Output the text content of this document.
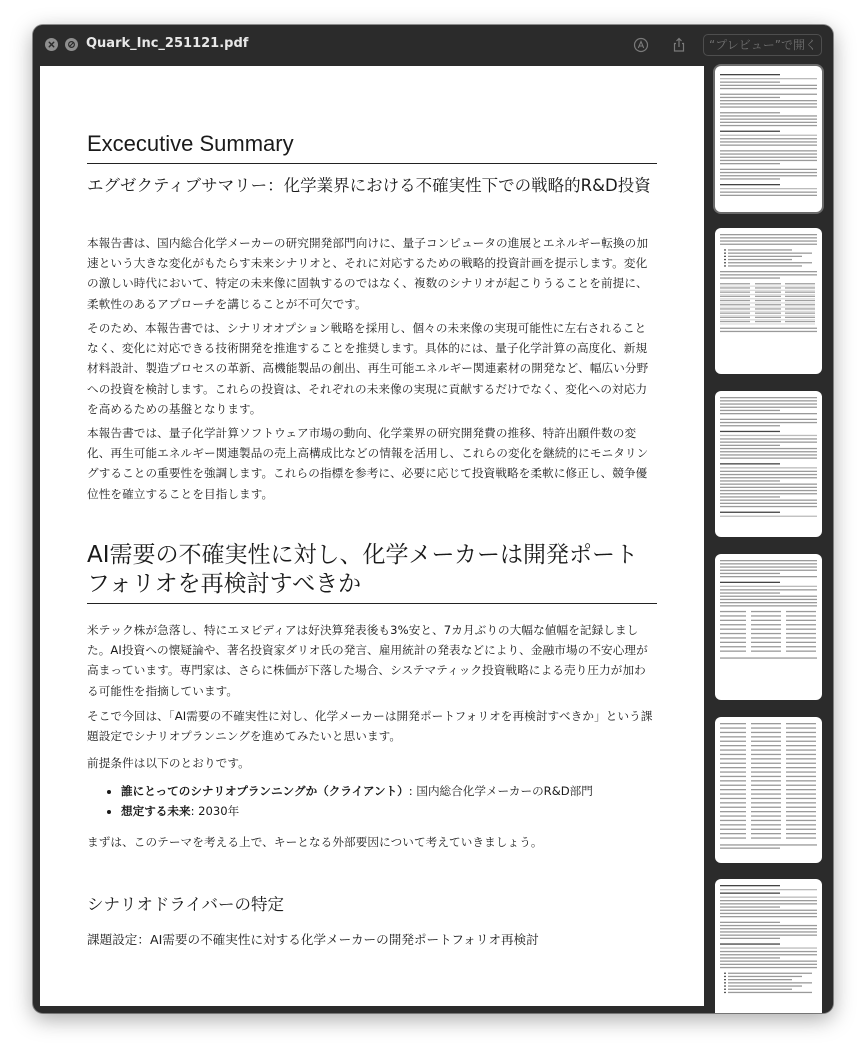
Quark_Inc_251121.pdf	“プレビュー”で開く
Excecutive Summary
エグゼクティブサマリー：化学業界における不確実性下での戦略的R&D投資

本報告書は、国内総合化学メーカーの研究開発部門向けに、量子コンピュータの進展とエネルギー転換の加速という大きな変化がもたらす未来シナリオと、それに対応するための戦略的投資計画を提示します。変化の激しい時代において、特定の未来像に固執するのではなく、複数のシナリオが起こりうることを前提に、柔軟性のあるアプローチを講じることが不可欠です。

そのため、本報告書では、シナリオオプション戦略を採用し、個々の未来像の実現可能性に左右されることなく、変化に対応できる技術開発を推進することを推奨します。具体的には、量子化学計算の高度化、新規材料設計、製造プロセスの革新、高機能製品の創出、再生可能エネルギー関連素材の開発など、幅広い分野への投資を検討します。これらの投資は、それぞれの未来像の実現に貢献するだけでなく、変化への対応力を高めるための基盤となります。

本報告書では、量子化学計算ソフトウェア市場の動向、化学業界の研究開発費の推移、特許出願件数の変化、再生可能エネルギー関連製品の売上高構成比などの情報を活用し、これらの変化を継続的にモニタリングすることの重要性を強調します。これらの指標を参考に、必要に応じて投資戦略を柔軟に修正し、競争優位性を確立することを目指します。

AI需要の不確実性に対し、化学メーカーは開発ポートフォリオを再検討すべきか

米テック株が急落し、特にエヌビディアは好決算発表後も3%安と、7カ月ぶりの大幅な値幅を記録しました。AI投資への懐疑論や、著名投資家ダリオ氏の発言、雇用統計の発表などにより、金融市場の不安心理が高まっています。専門家は、さらに株価が下落した場合、システマティック投資戦略による売り圧力が加わる可能性を指摘しています。

そこで今回は、「AI需要の不確実性に対し、化学メーカーは開発ポートフォリオを再検討すべきか」という課題設定でシナリオプランニングを進めてみたいと思います。

前提条件は以下のとおりです。

• 誰にとってのシナリオプランニングか（クライアント）: 国内総合化学メーカーのR&D部門
• 想定する未来: 2030年

まずは、このテーマを考える上で、キーとなる外部要因について考えていきましょう。

シナリオドライバーの特定

課題設定：AI需要の不確実性に対する化学メーカーの開発ポートフォリオ再検討
